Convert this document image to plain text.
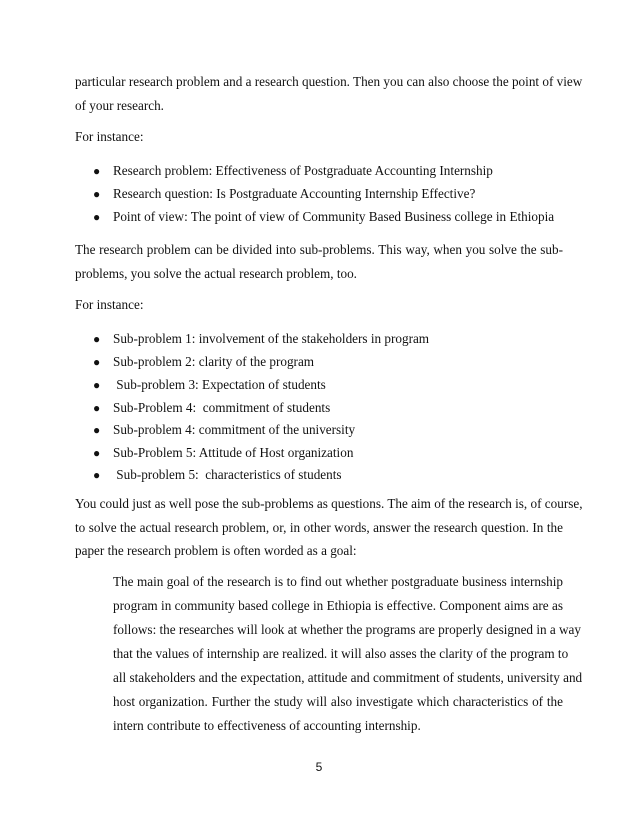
particular research problem and a research question. Then you can also choose the point of view
of your research.
For instance:
● Research problem: Effectiveness of Postgraduate Accounting Internship
● Research question: Is Postgraduate Accounting Internship Effective?
● Point of view: The point of view of Community Based Business college in Ethiopia
The research problem can be divided into sub-problems. This way, when you solve the sub-
problems, you solve the actual research problem, too.
For instance:
● Sub-problem 1: involvement of the stakeholders in program
● Sub-problem 2: clarity of the program
● Sub-problem 3: Expectation of students
● Sub-Problem 4:  commitment of students
● Sub-problem 4: commitment of the university
● Sub-Problem 5: Attitude of Host organization
● Sub-problem 5:  characteristics of students
You could just as well pose the sub-problems as questions. The aim of the research is, of course,
to solve the actual research problem, or, in other words, answer the research question. In the
paper the research problem is often worded as a goal:
The main goal of the research is to find out whether postgraduate business internship
program in community based college in Ethiopia is effective. Component aims are as
follows: the researches will look at whether the programs are properly designed in a way
that the values of internship are realized. it will also asses the clarity of the program to
all stakeholders and the expectation, attitude and commitment of students, university and
host organization. Further the study will also investigate which characteristics of the
intern contribute to effectiveness of accounting internship.
5
